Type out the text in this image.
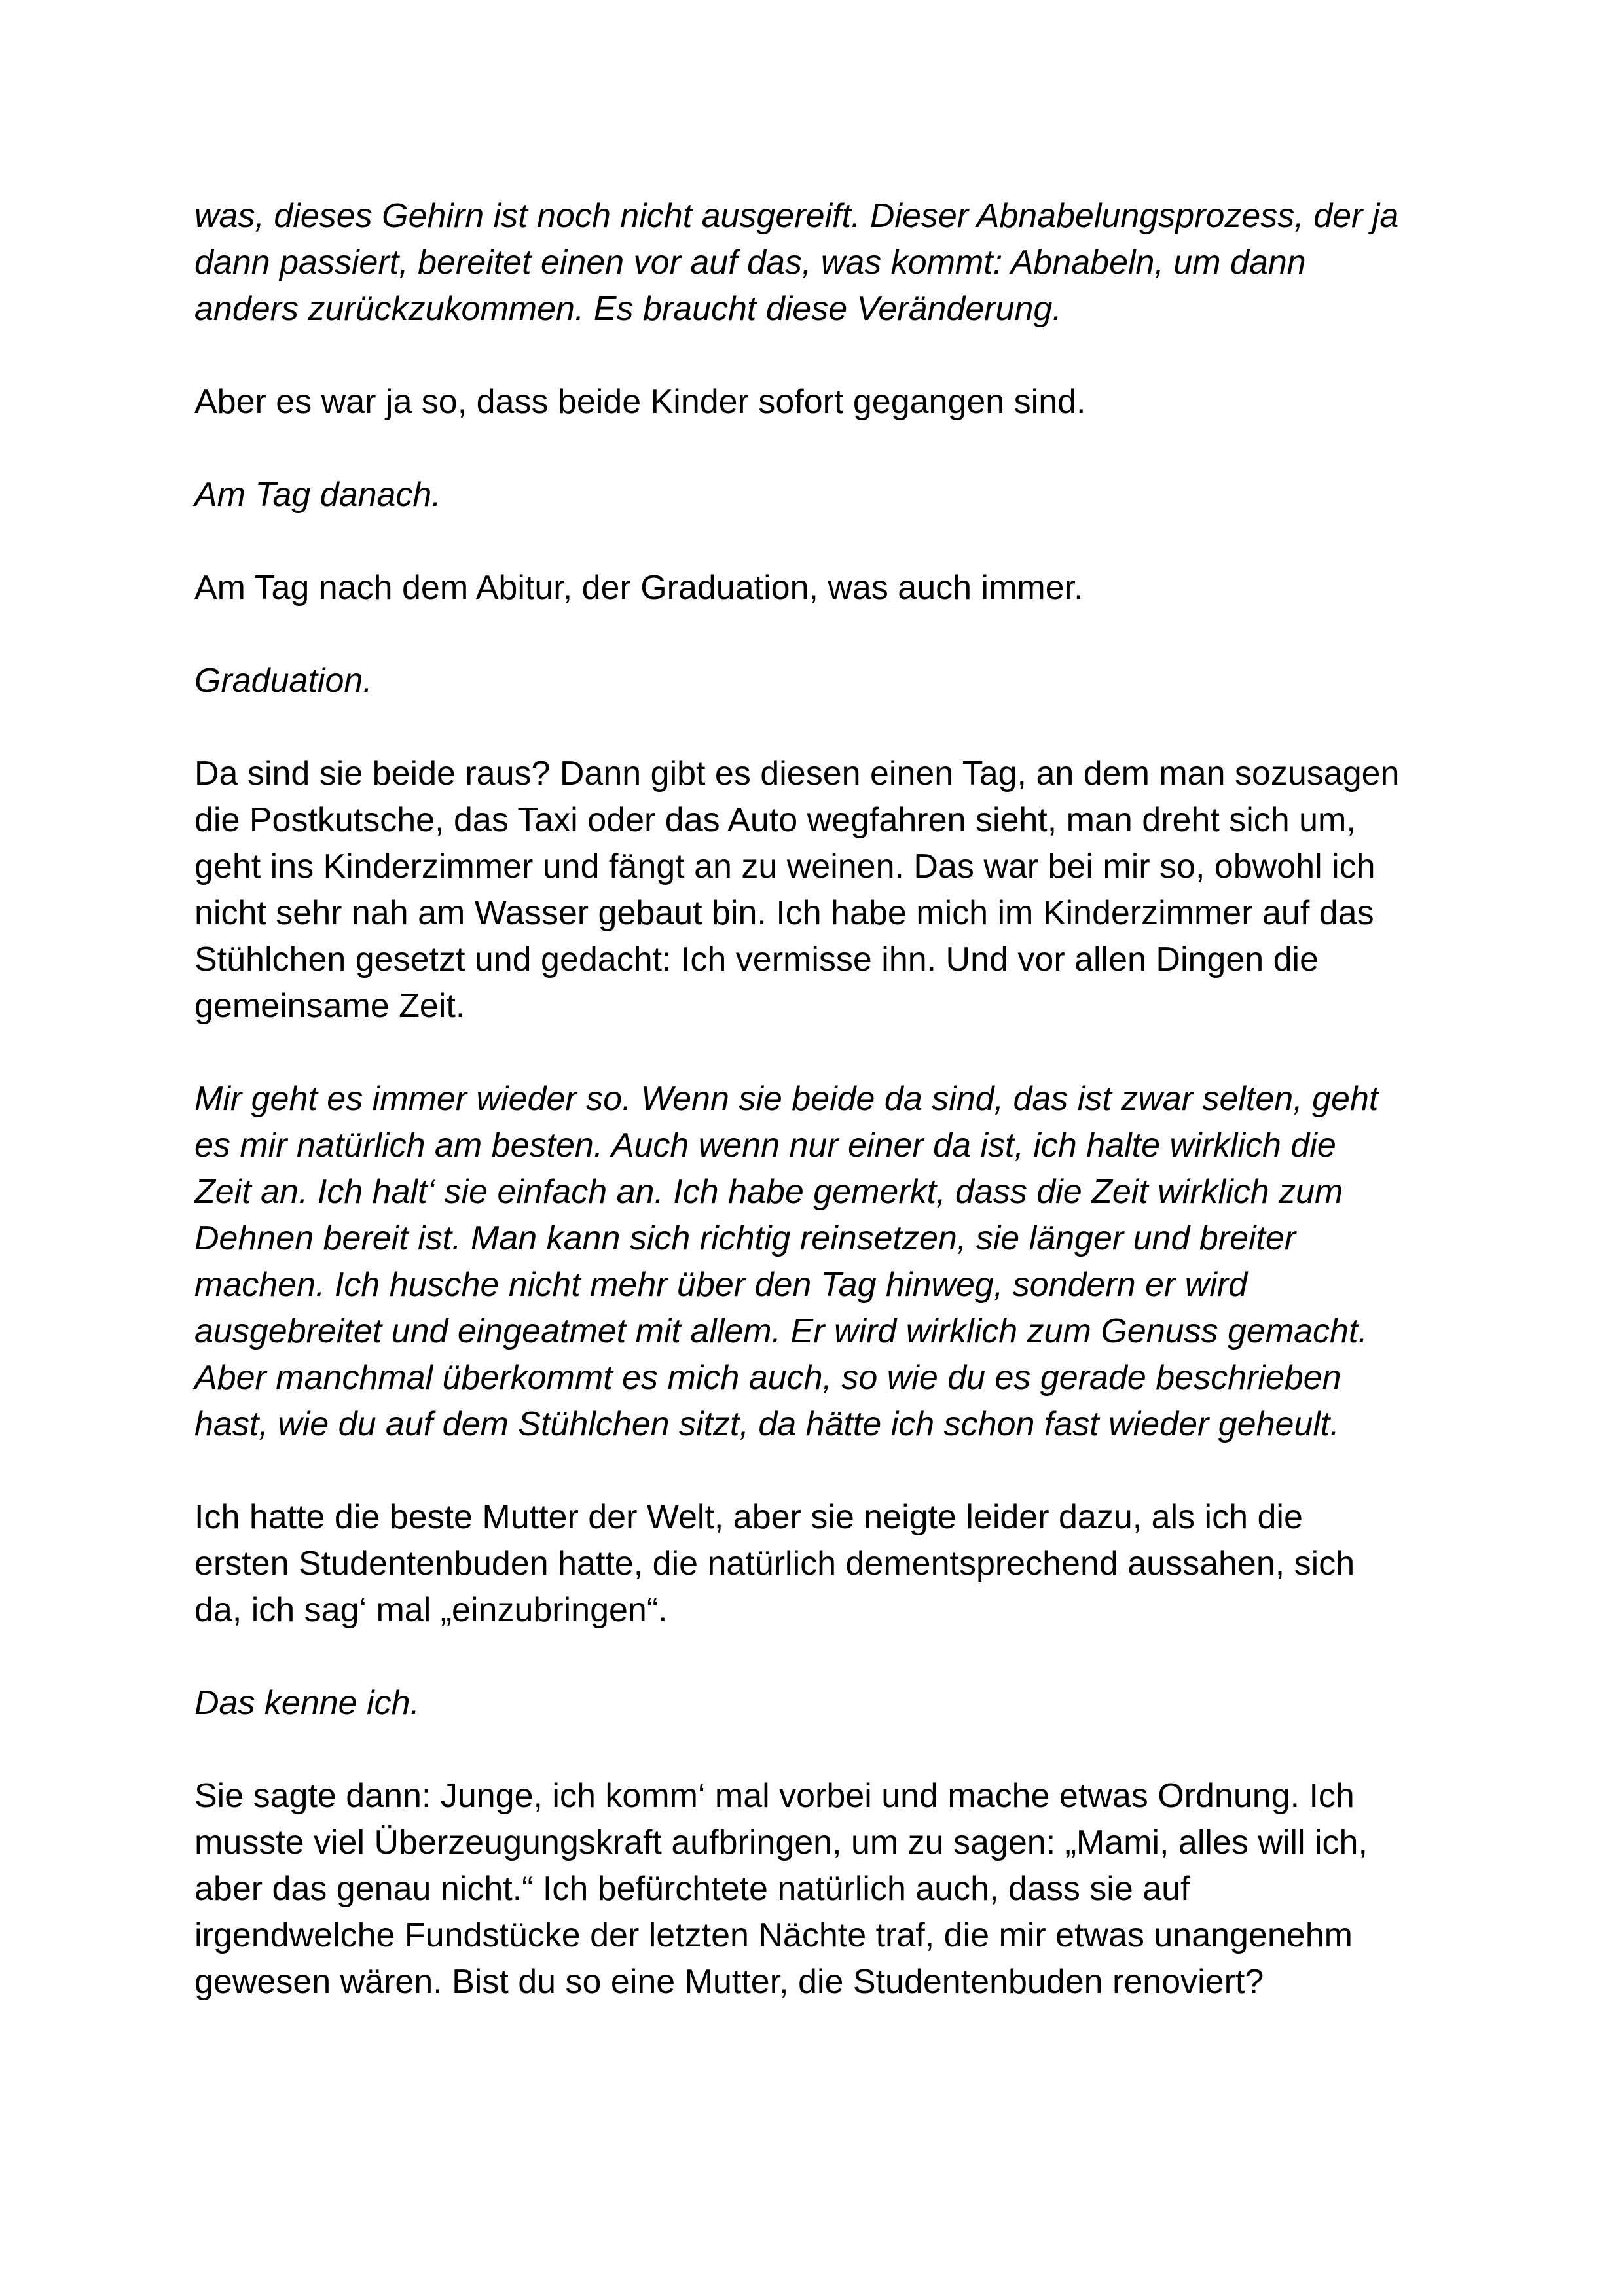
was, dieses Gehirn ist noch nicht ausgereift. Dieser Abnabelungsprozess, der ja
dann passiert, bereitet einen vor auf das, was kommt: Abnabeln, um dann
anders zurückzukommen. Es braucht diese Veränderung.

Aber es war ja so, dass beide Kinder sofort gegangen sind.

Am Tag danach.

Am Tag nach dem Abitur, der Graduation, was auch immer.

Graduation.

Da sind sie beide raus? Dann gibt es diesen einen Tag, an dem man sozusagen
die Postkutsche, das Taxi oder das Auto wegfahren sieht, man dreht sich um,
geht ins Kinderzimmer und fängt an zu weinen. Das war bei mir so, obwohl ich
nicht sehr nah am Wasser gebaut bin. Ich habe mich im Kinderzimmer auf das
Stühlchen gesetzt und gedacht: Ich vermisse ihn. Und vor allen Dingen die
gemeinsame Zeit.

Mir geht es immer wieder so. Wenn sie beide da sind, das ist zwar selten, geht
es mir natürlich am besten. Auch wenn nur einer da ist, ich halte wirklich die
Zeit an. Ich halt‘ sie einfach an. Ich habe gemerkt, dass die Zeit wirklich zum
Dehnen bereit ist. Man kann sich richtig reinsetzen, sie länger und breiter
machen. Ich husche nicht mehr über den Tag hinweg, sondern er wird
ausgebreitet und eingeatmet mit allem. Er wird wirklich zum Genuss gemacht.
Aber manchmal überkommt es mich auch, so wie du es gerade beschrieben
hast, wie du auf dem Stühlchen sitzt, da hätte ich schon fast wieder geheult.

Ich hatte die beste Mutter der Welt, aber sie neigte leider dazu, als ich die
ersten Studentenbuden hatte, die natürlich dementsprechend aussahen, sich
da, ich sag‘ mal „einzubringen“.

Das kenne ich.

Sie sagte dann: Junge, ich komm‘ mal vorbei und mache etwas Ordnung. Ich
musste viel Überzeugungskraft aufbringen, um zu sagen: „Mami, alles will ich,
aber das genau nicht.“ Ich befürchtete natürlich auch, dass sie auf
irgendwelche Fundstücke der letzten Nächte traf, die mir etwas unangenehm
gewesen wären. Bist du so eine Mutter, die Studentenbuden renoviert?
